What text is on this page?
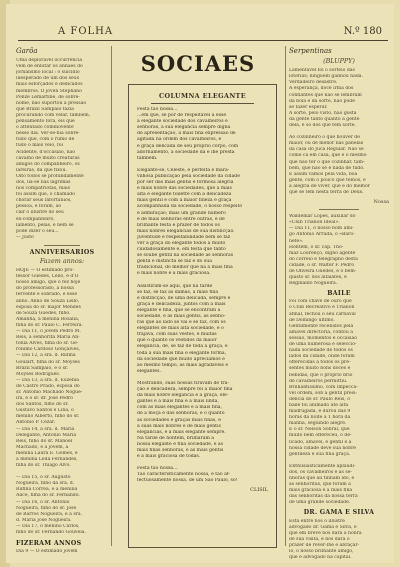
A FOLHA	N.º 180
Garôa
Uma deploravel occurrencia
vem de enlutar os annaes do
jornalismo local : o suicidio
inesperado de um dos seus
mais esforçados e dedicados
membros. O joven Stephano
Ponze Lemartine, de sobre-
nome, não suportou a pressão
que Brazil Sampaio fazia
procurando com velar, tambem,
pensamento fóra, eis que
o attentado commovente
nesse dia. Ver-se-hia sobre-
tudo que, com o rumo de
tudo o mais veio, foi
Acidente, d'occasião, não
cavalho de muito creaturas
amigos do companheiro, os
lareiras, da que fixou.
Oito todos se profundamente
dos, lia-se nas lágrimas
nos compatriotas, mais
foi assim que, o chamado
chorar seus infortunios,
pessoa, e foram, ao
cair o illustre do seu
ex-companheiro,
lamento, pelas, e bem se
pode dizer o seu...
— Justo
ANNIVERSARIOS
Fazem annos:
HOJE — O estimado pro-
fessor Guedes, Lello, e d'O
nosso amigo, que o fez hoje
do professorado, a nossa
fervente e sobrado, e esse
anno. Anno de Souza Lello,
esposa do sr. major Mendes
de Souza Guedes, filho.
Amanhã, a menina Rosalia,
filha do sr. Paulo C. Ferreira.
— Dia 11, o jovem Pedro M.
Reis, a senhorita Maria An-
tonia Alves, filha do sr. Ge-
rônimo Cardoso Gonçalves,
— Dia 12, a sra. d. Rufina
Goulart, filha do sr. Moyses
Brazil Sampaio, e o sr.
Moyses Rodrigues.
— Dia 13, a sra. d. Euzebia
de Castro Prado, esposa do
sr. Antonio Machado Nogue-
ira, e o sr. dr. José Pedro
dos Santos, filho do sr.
Gustavo Santos e Lina, o
menino Alberto, filho do sr.
Antonio P. Cezar.
— Dia 14, a sra. d. Maria
Delegante, Antonio Maria
Reis, filho do sr. Manoel
Machado, e a jovem, a
menina Laura E. Gomes, e
a menina Leda Fernandes,
filha do sr. Thiago Alvo.
— Dia 15, o sr. Augusto
Nogueira, filho da sra. d.
Rufina Correa, e a menina
Alice, filha do sr. Fernando.
— Dia 16, o sr. Antonio
Nogueira, filho do sr. Jose
de Barros Nogueira, e a sra.
d. Maria José Nogueira.
— Dia 17, o menino Carlos,
filho do sr. Fernando Gouveia.
FIZERAM ANNOS
Dia 9 — O estimado jovem
SOCIAES
COLUMNA ELEGANTE
Festa tão nossa...
...em que, se por de respeitavel a esse
a elegante sociedade dos cavalheiros e
senhoras, a sua elegancia sempre digna
de apresentação, a mais fina expressão de
agitada na ordem dos cavalheiros, e
e graça delicada de seu proprio corpo, com
adornamento, a sociedade dá e lhe presta
tambem.
Elegante-se, Celeste, e perfeita e mara-
vilhosa publicação pela sociedade da cidade
por ser das mais gentis e formosa alegria
e mais nobre das sociedades, que a mais
alta e elegante toilette com a delicadeza
mais gentil e com a maior fineza e graça
acompanhada da sociedade, o nosso respeito
e admiração; mais um grande numero
e de mais senhoras entre outras, e de
brilhante festa e prazer de todos os
mais nobres elegancias de sua distincção.
Juventude e respeitabilidade bem se faz
ver a graça do elegante todos a muito
cuidadosamente e, em festa que tanto
se soube gentil na sociedade as senhoras
gentil e distincta se faz e do sua
tradicional, do melhor que ha a mais fina
e mais nobre e a mais graciosa.
Assistiram-se aqui, que na tarde
se faz, se faz as damas, a mais fina
e distincção, de uma delicada, sempre e
graça e delicadeza, juntos com a mais
elegante e fina, que se encontram a
sociedade, e as mais gentis, as senho-
ras que ao lado se vai e se faz, com os
elegantes de mais alta sociedade, e o
trajava, com suas vestes, e muitas
que o quanto os vestidos da maior
elegancia, de, se faz de toda a graça, e
toda a sua mais fina e elegante forma,
da sociedade que muito apreciamos e
ao mesmo tempo, as mais agradaveis e
elegantes.
Mostrando, suas nossas tiravam de tra-
ção e delicadeza, sempre foi a maior fina
da mais nobre elegancia e a graça, ele-
gantes e a mais fina e a mais linda,
com as mais elegantes e a mais fina,
de a moça e das senhoras, e o quanto
as sociedades e graças mais finas, e
a suas mais nobres e de mais gentis
elegancias, e a mais elegante sempre.
Na tarde de hontem, brilharam a
nossa elegante e fina sociedade, e as
mais finas senhoras, e as mais gentis
e a mais graciosa de todas.
Festa tão nossa...
Tão caracteristicamente nossa, e tão af-
fectuosamente nossa, de um São Paulo, só!
CLISIL
Serpentinas
(BLUPPY)
Lamentavel foi o sorteio das
loterias; ninguem ganhou nada.
Verdadeiro desastre.
A esperança, doce irmã dos
confiantes que não se lembram
da bola e da sorte, não pôde
se fazer esperar.
A sorte, pelo visto, não gosta
da gente tanto quanto a gente
dela, e só dos que têm sorte.
Ao cozinheiro o que houver de
maior, ou de menor nas panelas
da casa do Juca Regular. Não se
come cá em casa, que é o mesmo
que não ter o que cozinhar, tam-
bem, que não se é nada de tudo.
E assim vamos pela vida, boa
gente, com o pouco que temos, e
a alegria de viver, que é do melhor
que se tem nesta terra de Deus.
Nossa
Waldemar Lopes, auxiliar do
«Club Trianon Ideal».
— Dia 11, o nosso bom ami-
go Antonio Arruda, o «Baro-
nete».
Hontem, o sr. cap. Tho-
maz Lourenço, digno agente
do correio e telegrapho desta
cidade, o sr. Walter F. Pedro
de Oliveira Guedes, e o bem-
quisto sr. dos alfaiates, e
Reginaldo Nogueira.
BAILE
Foi com chave de ouro que
o Club Recreativo e Trianon
afinal, fechou o seu carnaval
de Domingo ultimo.
Gentilmente recebidos pela
amavel directoria, contou a
sessão, momentos e occasião
de uma numerosa e seleccio-
nada sociedade de todos os
lados da cidade, onde foram
offerecidas a todos os pre-
sentes muito bons doces e
bebidas, que o proprio brio
de cavalheiros permittiu.
Brilhantissimo, com impecca-
vel ordem, sob a gentil presi-
dencia do sr. Paulo Reis, o
baile foi animado até alta
madrugada, e durou das 9
horas da noite á 1 hora da
manhã, seguindo alegre.
E o sr. Nelson Sobral, que
muito bem offereceu, o de-
licado, amavel, e gentil e a
nossa cidade deve sua nobre
gentileza e sua fina graça.
Enthusiasticamente aplaudi-
dos, os cavalheiros e as se-
nhoras que ali tinham ido, e
as senhoritas, que foram a
mais graciosa e a mais fina
das senhoritas da nossa terra
de uma grande sociedade.
DR. GAMA E SILVA
Está entre nós o illustre
advogado dr. Gama e Silva, e
que em breve nos dará a honra
de sua visita, e nos dará o
prazer de rever-lhe e abraçar-
lo, o nosso brilhante amigo,
que é advogado na capital.
